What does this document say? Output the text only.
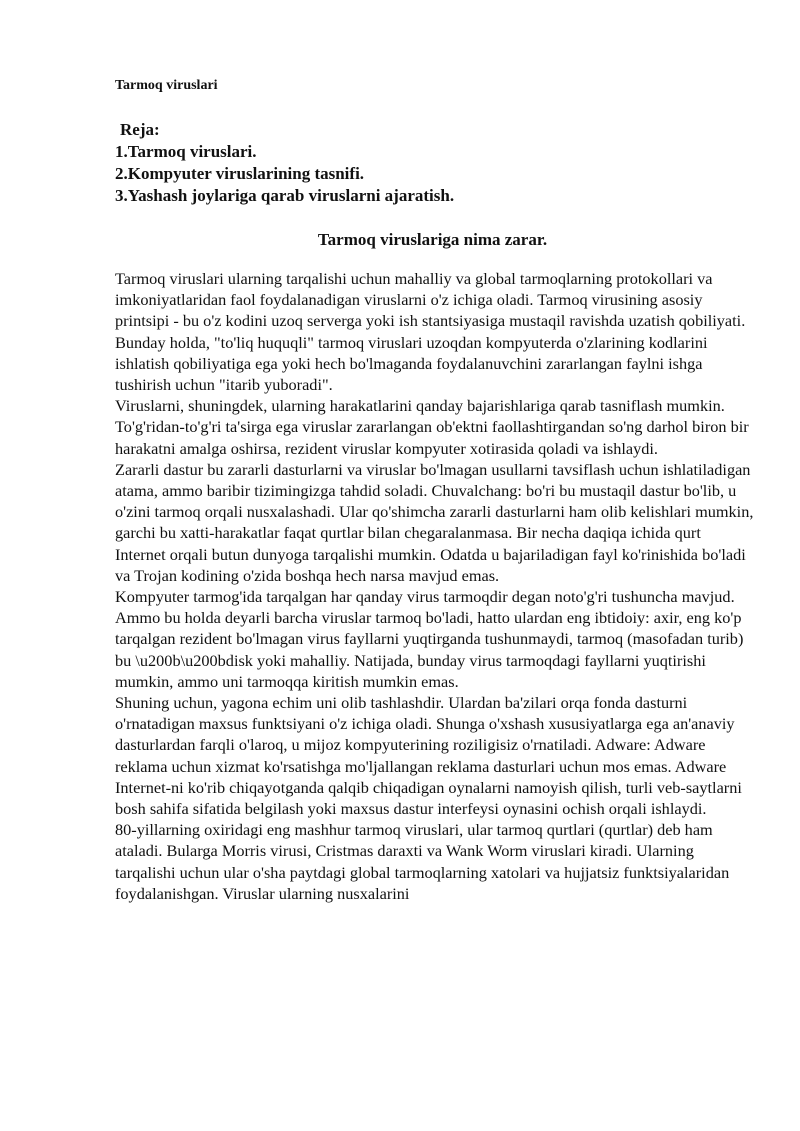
Tarmoq viruslari
Reja:
1.Tarmoq viruslari.
2.Kompyuter viruslarining tasnifi.
3.Yashash joylariga qarab viruslarni ajaratish.
Tarmoq viruslariga nima zarar.

Tarmoq viruslari ularning tarqalishi uchun mahalliy va global tarmoqlarning protokollari va imkoniyatlaridan faol foydalanadigan viruslarni o'z ichiga oladi. Tarmoq virusining asosiy printsipi - bu o'z kodini uzoq serverga yoki ish stantsiyasiga mustaqil ravishda uzatish qobiliyati. Bunday holda, "to'liq huquqli" tarmoq viruslari uzoqdan kompyuterda o'zlarining kodlarini ishlatish qobiliyatiga ega yoki hech bo'lmaganda foydalanuvchini zararlangan faylni ishga tushirish uchun "itarib yuboradi".

Viruslarni, shuningdek, ularning harakatlarini qanday bajarishlariga qarab tasniflash mumkin. To'g'ridan-to'g'ri ta'sirga ega viruslar zararlangan ob'ektni faollashtirgandan so'ng darhol biron bir harakatni amalga oshirsa, rezident viruslar kompyuter xotirasida qoladi va ishlaydi.

Zararli dastur bu zararli dasturlarni va viruslar bo'lmagan usullarni tavsiflash uchun ishlatiladigan atama, ammo baribir tizimingizga tahdid soladi. Chuvalchang: bo'ri bu mustaqil dastur bo'lib, u o'zini tarmoq orqali nusxalashadi. Ular qo'shimcha zararli dasturlarni ham olib kelishlari mumkin, garchi bu xatti-harakatlar faqat qurtlar bilan chegaralanmasa. Bir necha daqiqa ichida qurt Internet orqali butun dunyoga tarqalishi mumkin. Odatda u bajariladigan fayl ko'rinishida bo'ladi va Trojan kodining o'zida boshqa hech narsa mavjud emas.

Kompyuter tarmog'ida tarqalgan har qanday virus tarmoqdir degan noto'g'ri tushuncha mavjud. Ammo bu holda deyarli barcha viruslar tarmoq bo'ladi, hatto ulardan eng ibtidoiy: axir, eng ko'p tarqalgan rezident bo'lmagan virus fayllarni yuqtirganda tushunmaydi, tarmoq (masofadan turib) bu \u200b\u200bdisk yoki mahalliy. Natijada, bunday virus tarmoqdagi fayllarni yuqtirishi mumkin, ammo uni tarmoqqa kiritish mumkin emas.

Shuning uchun, yagona echim uni olib tashlashdir. Ulardan ba'zilari orqa fonda dasturni o'rnatadigan maxsus funktsiyani o'z ichiga oladi. Shunga o'xshash xususiyatlarga ega an'anaviy dasturlardan farqli o'laroq, u mijoz kompyuterining roziligisiz o'rnatiladi. Adware: Adware reklama uchun xizmat ko'rsatishga mo'ljallangan reklama dasturlari uchun mos emas. Adware Internet-ni ko'rib chiqayotganda qalqib chiqadigan oynalarni namoyish qilish, turli veb-saytlarni bosh sahifa sifatida belgilash yoki maxsus dastur interfeysi oynasini ochish orqali ishlaydi.

80-yillarning oxiridagi eng mashhur tarmoq viruslari, ular tarmoq qurtlari (qurtlar) deb ham ataladi. Bularga Morris virusi, Cristmas daraxti va Wank Worm viruslari kiradi. Ularning tarqalishi uchun ular o'sha paytdagi global tarmoqlarning xatolari va hujjatsiz funktsiyalaridan foydalanishgan. Viruslar ularning nusxalarini
